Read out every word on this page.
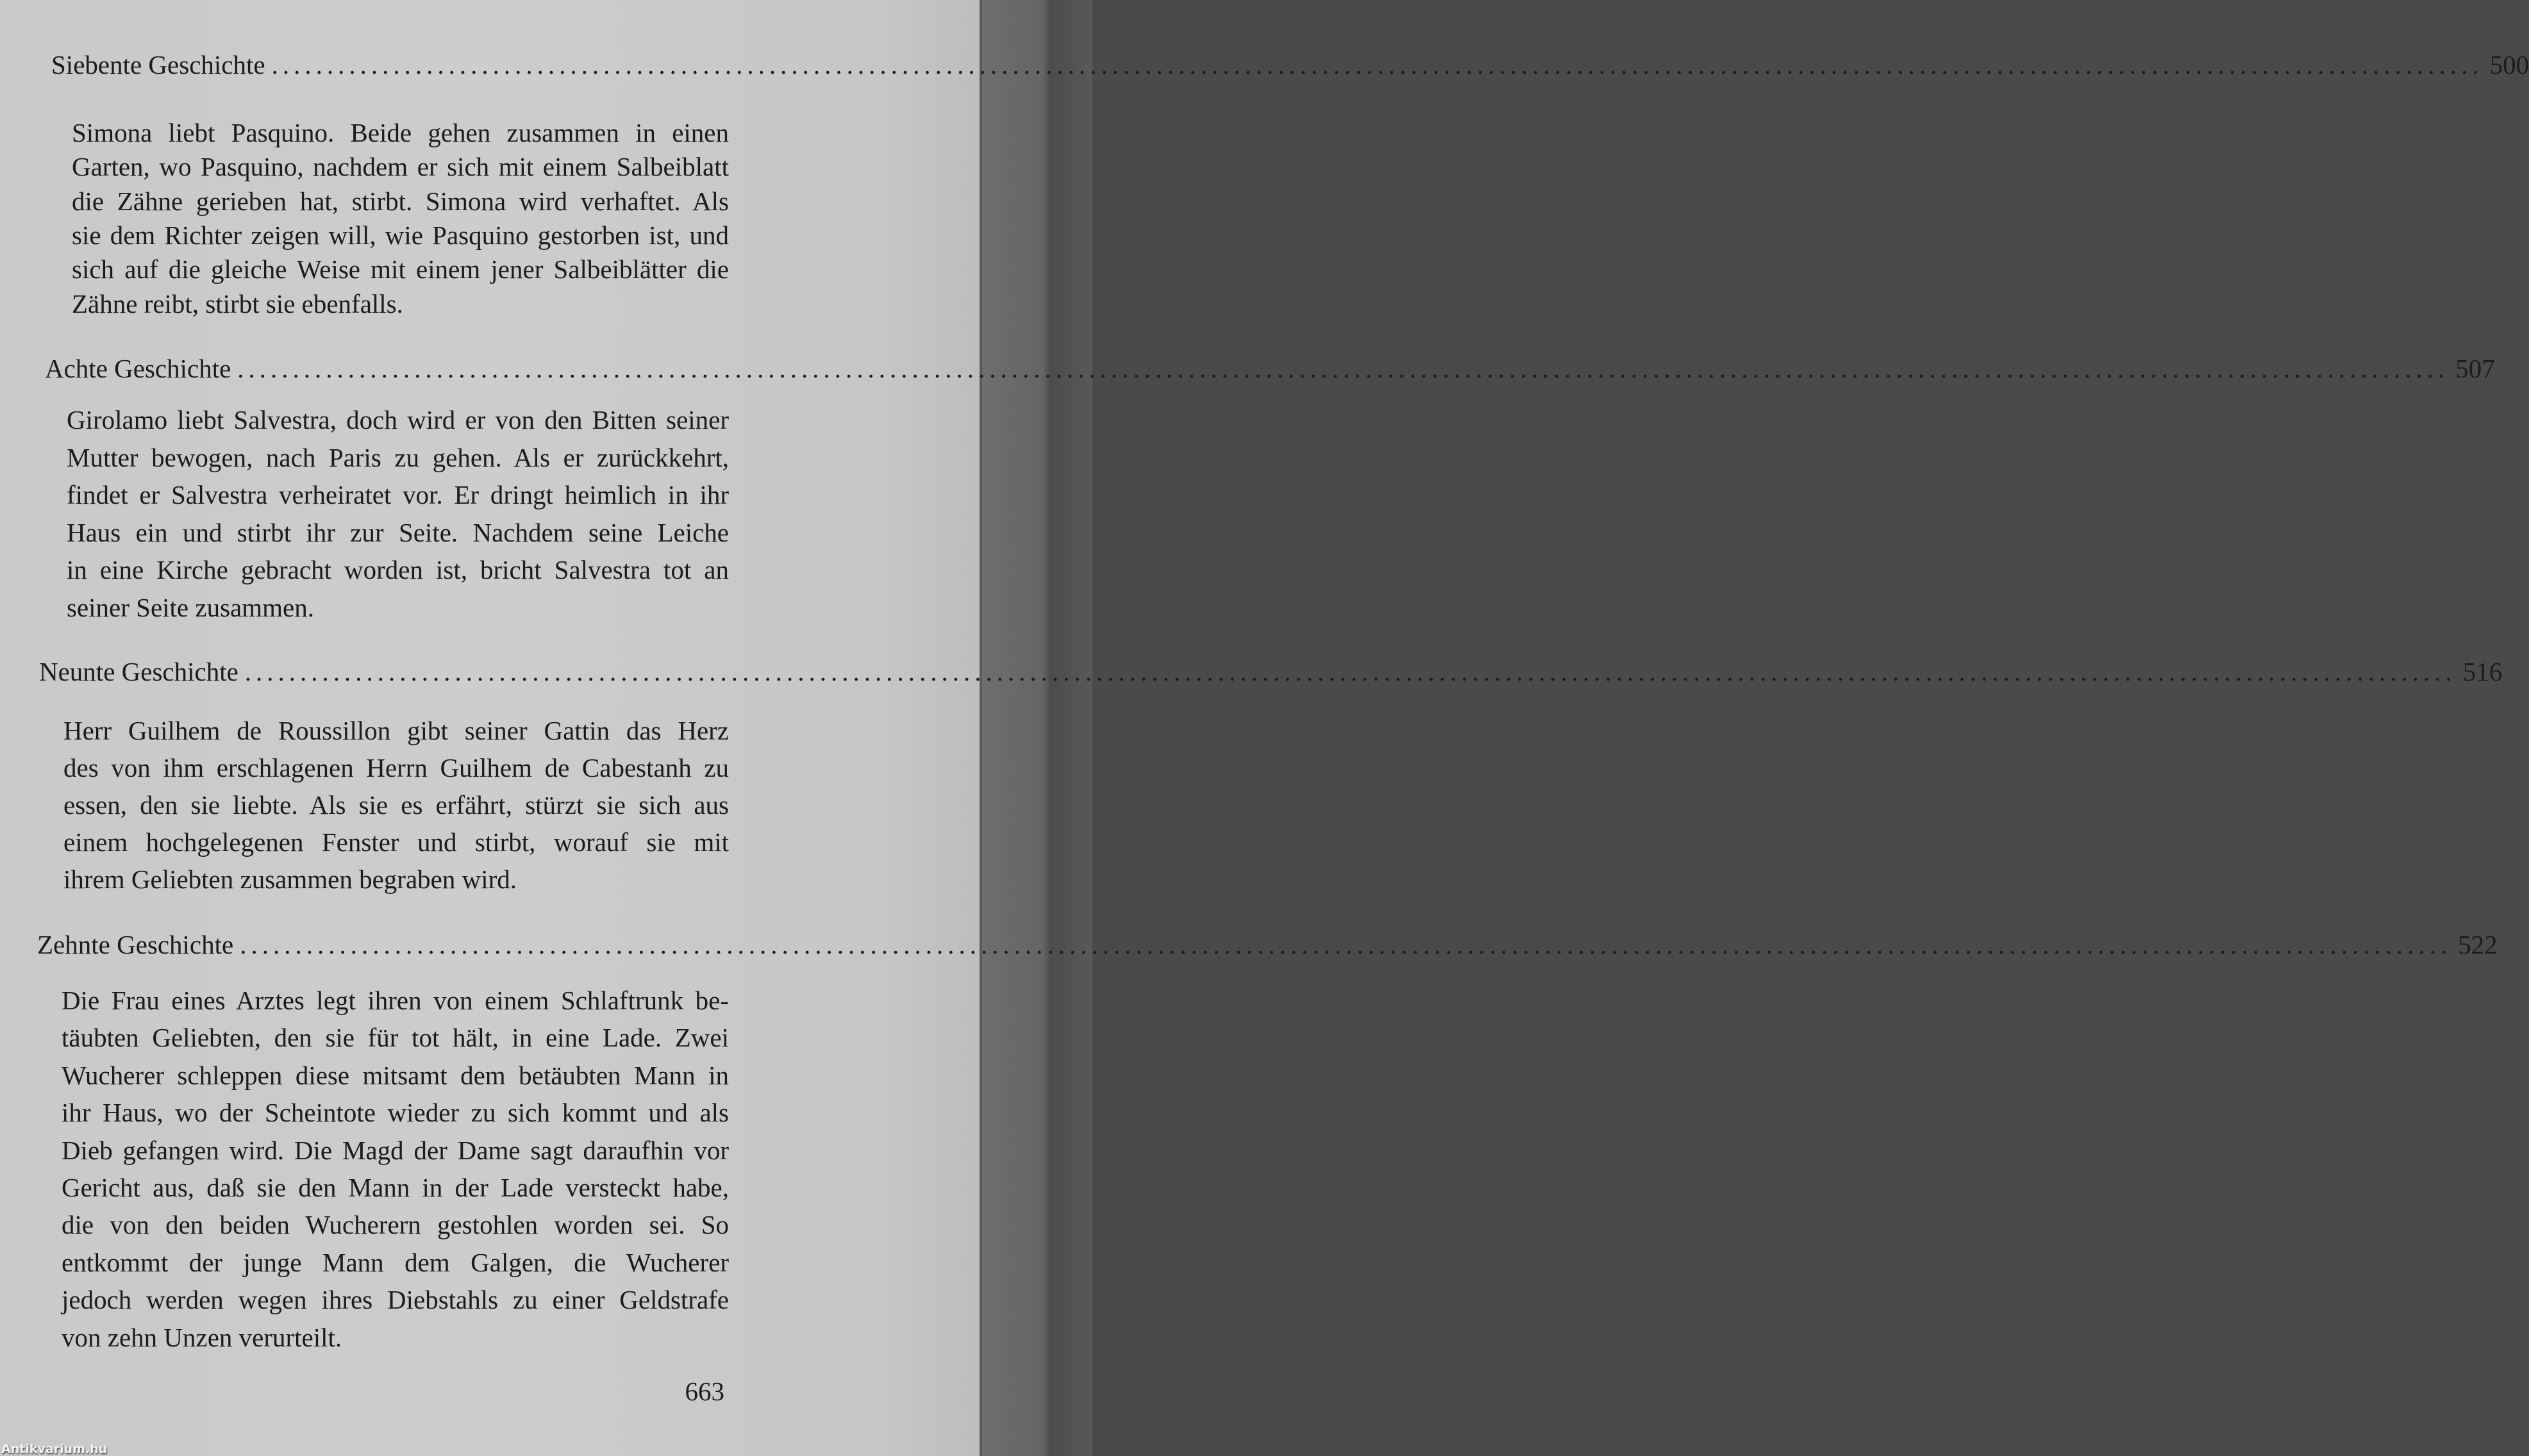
Siebente Geschichte ........................................................................................................................................................................................................ 500
Simona liebt Pasquino. Beide gehen zusammen in einen
Garten, wo Pasquino, nachdem er sich mit einem Salbeiblatt
die Zähne gerieben hat, stirbt. Simona wird verhaftet. Als
sie dem Richter zeigen will, wie Pasquino gestorben ist, und
sich auf die gleiche Weise mit einem jener Salbeiblätter die
Zähne reibt, stirbt sie ebenfalls.
Achte Geschichte ........................................................................................................................................................................................................ 507
Girolamo liebt Salvestra, doch wird er von den Bitten seiner
Mutter bewogen, nach Paris zu gehen. Als er zurückkehrt,
findet er Salvestra verheiratet vor. Er dringt heimlich in ihr
Haus ein und stirbt ihr zur Seite. Nachdem seine Leiche
in eine Kirche gebracht worden ist, bricht Salvestra tot an
seiner Seite zusammen.
Neunte Geschichte ........................................................................................................................................................................................................ 516
Herr Guilhem de Roussillon gibt seiner Gattin das Herz
des von ihm erschlagenen Herrn Guilhem de Cabestanh zu
essen, den sie liebte. Als sie es erfährt, stürzt sie sich aus
einem hochgelegenen Fenster und stirbt, worauf sie mit
ihrem Geliebten zusammen begraben wird.
Zehnte Geschichte ........................................................................................................................................................................................................ 522
Die Frau eines Arztes legt ihren von einem Schlaftrunk be-
täubten Geliebten, den sie für tot hält, in eine Lade. Zwei
Wucherer schleppen diese mitsamt dem betäubten Mann in
ihr Haus, wo der Scheintote wieder zu sich kommt und als
Dieb gefangen wird. Die Magd der Dame sagt daraufhin vor
Gericht aus, daß sie den Mann in der Lade versteckt habe,
die von den beiden Wucherern gestohlen worden sei. So
entkommt der junge Mann dem Galgen, die Wucherer
jedoch werden wegen ihres Diebstahls zu einer Geldstrafe
von zehn Unzen verurteilt.
663
Antikvarium.hu
